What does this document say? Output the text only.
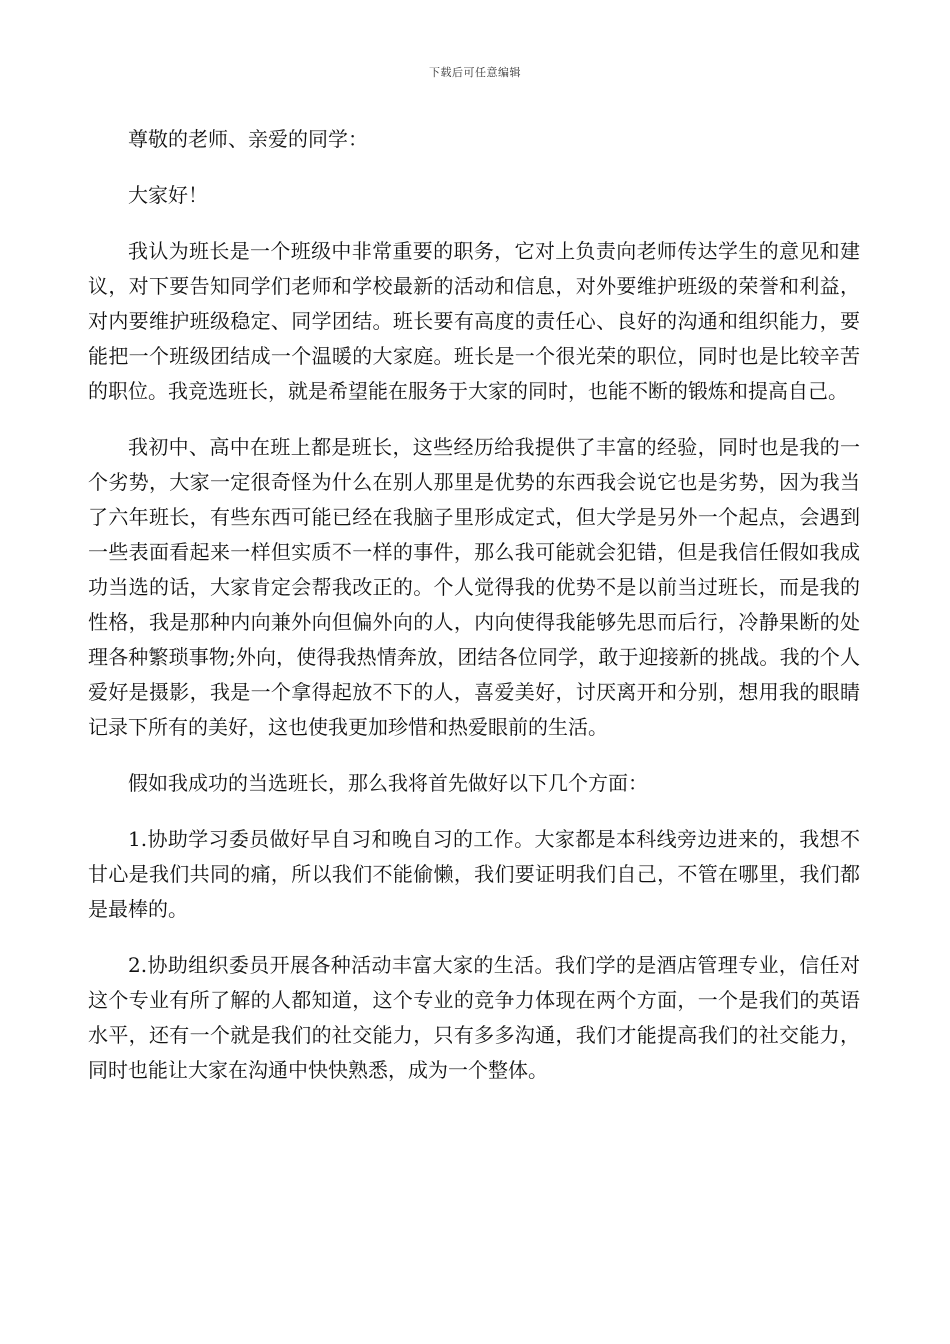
下载后可任意编辑

尊敬的老师、亲爱的同学：

大家好！

我认为班长是一个班级中非常重要的职务，它对上负责向老师传达学生的意见和建议，对下要告知同学们老师和学校最新的活动和信息，对外要维护班级的荣誉和利益，对内要维护班级稳定、同学团结。班长要有高度的责任心、良好的沟通和组织能力，要能把一个班级团结成一个温暖的大家庭。班长是一个很光荣的职位，同时也是比较辛苦的职位。我竞选班长，就是希望能在服务于大家的同时，也能不断的锻炼和提高自己。

我初中、高中在班上都是班长，这些经历给我提供了丰富的经验，同时也是我的一个劣势，大家一定很奇怪为什么在别人那里是优势的东西我会说它也是劣势，因为我当了六年班长，有些东西可能已经在我脑子里形成定式，但大学是另外一个起点，会遇到一些表面看起来一样但实质不一样的事件，那么我可能就会犯错，但是我信任假如我成功当选的话，大家肯定会帮我改正的。个人觉得我的优势不是以前当过班长，而是我的性格，我是那种内向兼外向但偏外向的人，内向使得我能够先思而后行，冷静果断的处理各种繁琐事物;外向，使得我热情奔放，团结各位同学，敢于迎接新的挑战。我的个人爱好是摄影，我是一个拿得起放不下的人，喜爱美好，讨厌离开和分别，想用我的眼睛记录下所有的美好，这也使我更加珍惜和热爱眼前的生活。

假如我成功的当选班长，那么我将首先做好以下几个方面：

1.协助学习委员做好早自习和晚自习的工作。大家都是本科线旁边进来的，我想不甘心是我们共同的痛，所以我们不能偷懒，我们要证明我们自己，不管在哪里，我们都是最棒的。

2.协助组织委员开展各种活动丰富大家的生活。我们学的是酒店管理专业，信任对这个专业有所了解的人都知道，这个专业的竞争力体现在两个方面，一个是我们的英语水平，还有一个就是我们的社交能力，只有多多沟通，我们才能提高我们的社交能力，同时也能让大家在沟通中快快熟悉，成为一个整体。
